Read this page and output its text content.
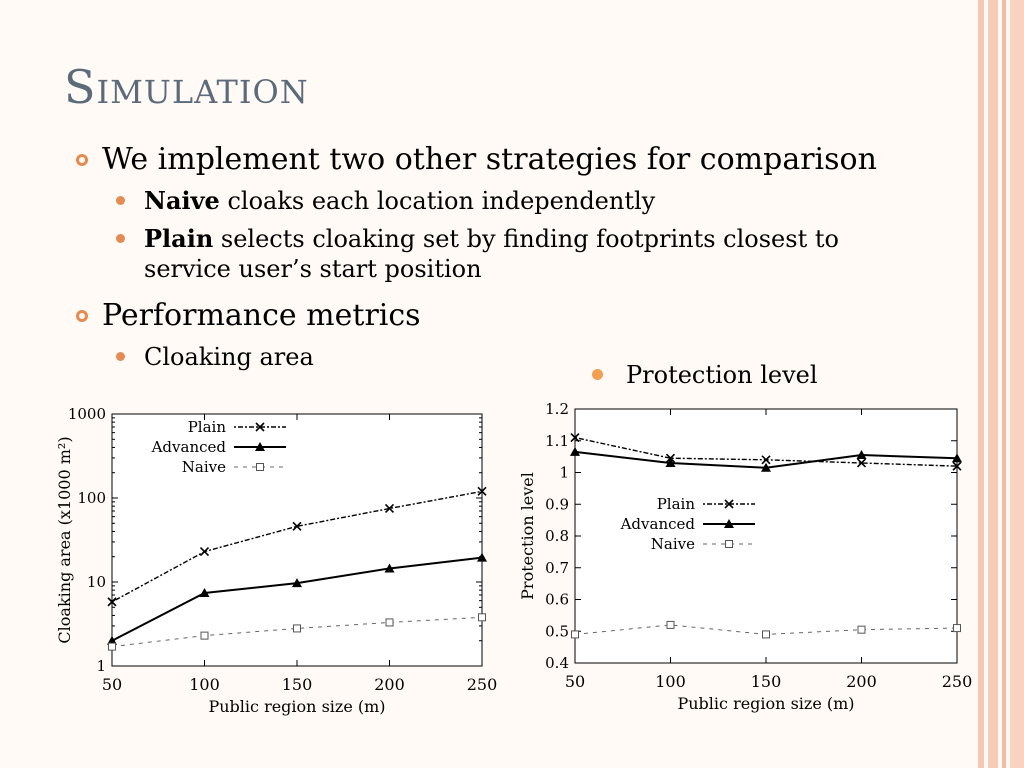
Simulation
We implement two other strategies for comparison
Naive cloaks each location independently
Plain selects cloaking set by finding footprints closest to
service user’s start position
Performance metrics
Cloaking area
Protection level
1
10
100
1000
50	100	150	200	250
Public region size (m)
Cloaking area (x1000 m²)
Plain
Advanced
Naive
0.4
0.5
0.6
0.7
0.8
0.9
1
1.1
1.2
50	100	150	200	250
Public region size (m)
Protection level	Plain
Advanced
Naive
